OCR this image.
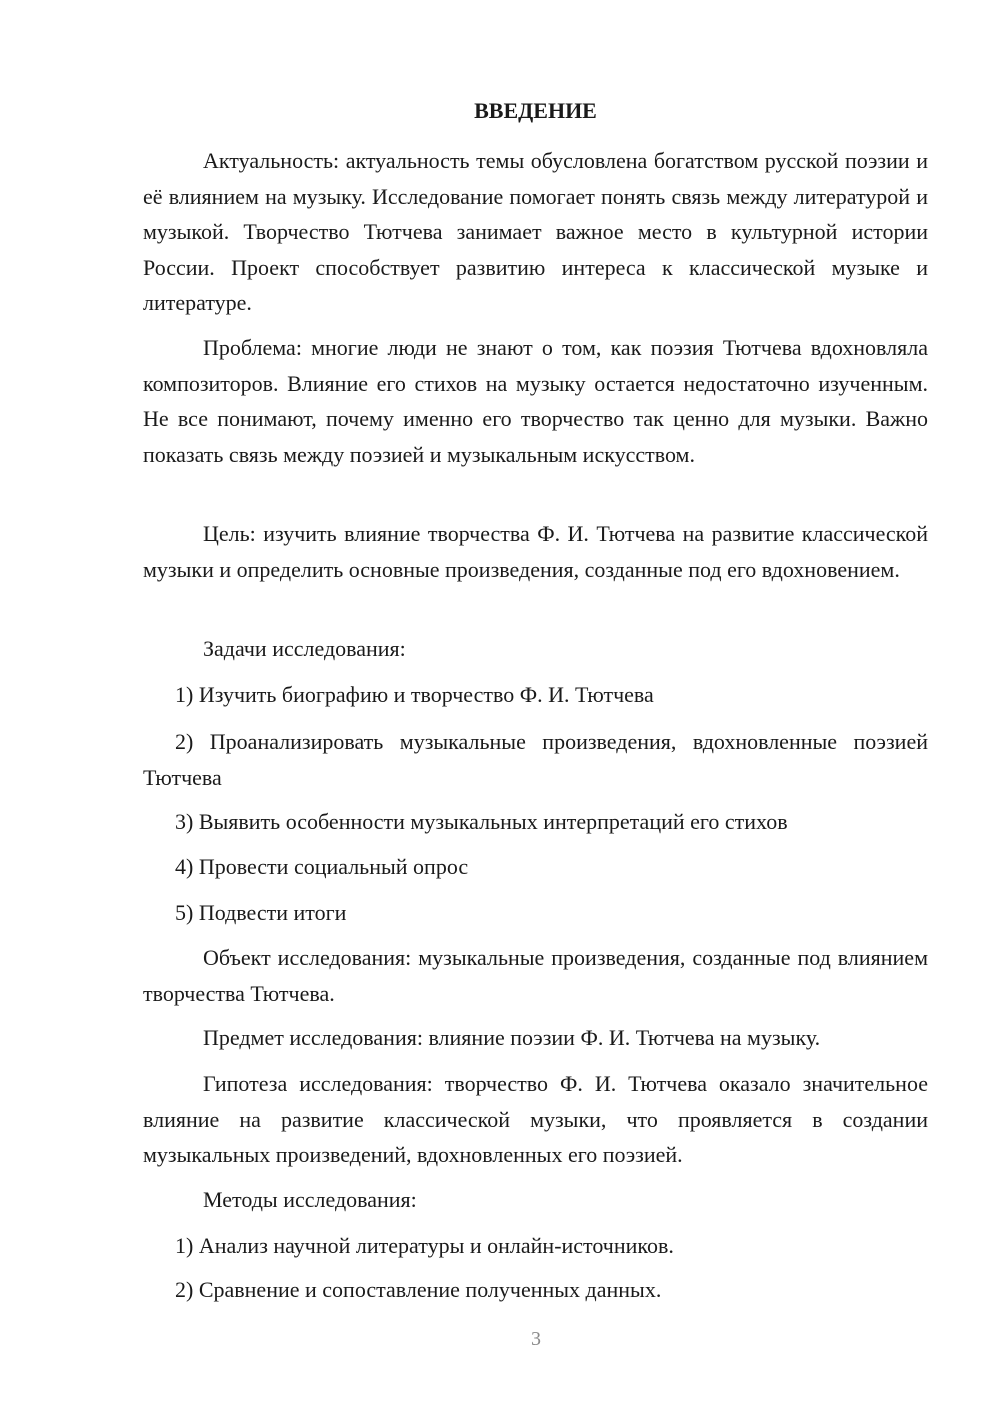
ВВЕДЕНИЕ

Актуальность: актуальность темы обусловлена богатством русской поэзии и её влиянием на музыку. Исследование помогает понять связь между литературой и музыкой. Творчество Тютчева занимает важное место в культурной истории России. Проект способствует развитию интереса к классической музыке и литературе.

Проблема: многие люди не знают о том, как поэзия Тютчева вдохновляла композиторов. Влияние его стихов на музыку остается недостаточно изученным. Не все понимают, почему именно его творчество так ценно для музыки. Важно показать связь между поэзией и музыкальным искусством.

Цель: изучить влияние творчества Ф. И. Тютчева на развитие классической музыки и определить основные произведения, созданные под его вдохновением.

Задачи исследования:

1) Изучить биографию и творчество Ф. И. Тютчева

2) Проанализировать музыкальные произведения, вдохновленные поэзией Тютчева

3) Выявить особенности музыкальных интерпретаций его стихов

4) Провести социальный опрос

5) Подвести итоги

Объект исследования: музыкальные произведения, созданные под влиянием творчества Тютчева.

Предмет исследования: влияние поэзии Ф. И. Тютчева на музыку.

Гипотеза исследования: творчество Ф. И. Тютчева оказало значительное влияние на развитие классической музыки, что проявляется в создании музыкальных произведений, вдохновленных его поэзией.

Методы исследования:

1) Анализ научной литературы и онлайн-источников.

2) Сравнение и сопоставление полученных данных.

3
